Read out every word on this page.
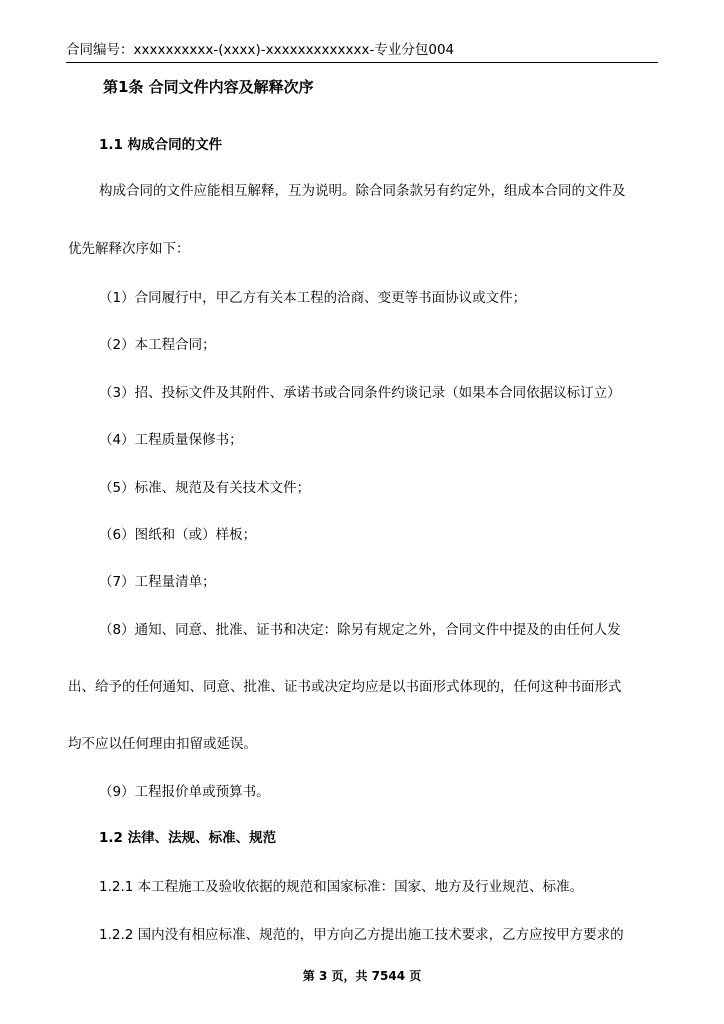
合同编号：xxxxxxxxxx-(xxxx)-xxxxxxxxxxxxx-专业分包004
第1条 合同文件内容及解释次序
1.1 构成合同的文件
构成合同的文件应能相互解释，互为说明。除合同条款另有约定外，组成本合同的文件及
优先解释次序如下：
（1）合同履行中，甲乙方有关本工程的洽商、变更等书面协议或文件；
（2）本工程合同；
（3）招、投标文件及其附件、承诺书或合同条件约谈记录（如果本合同依据议标订立）
（4）工程质量保修书；
（5）标准、规范及有关技术文件；
（6）图纸和（或）样板；
（7）工程量清单；
（8）通知、同意、批准、证书和决定：除另有规定之外，合同文件中提及的由任何人发
出、给予的任何通知、同意、批准、证书或决定均应是以书面形式体现的，任何这种书面形式
均不应以任何理由扣留或延误。
（9）工程报价单或预算书。
1.2 法律、法规、标准、规范
1.2.1 本工程施工及验收依据的规范和国家标准：国家、地方及行业规范、标准。
1.2.2 国内没有相应标准、规范的，甲方向乙方提出施工技术要求，乙方应按甲方要求的
第 3 页，共 7544 页
